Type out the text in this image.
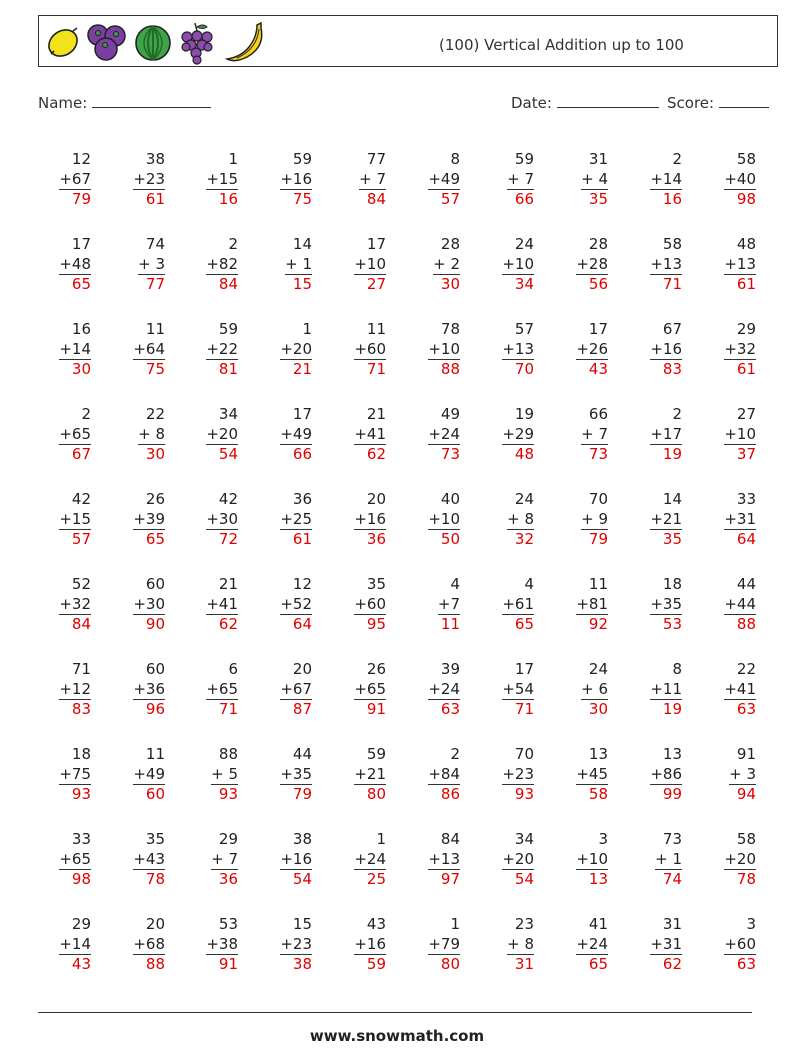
(100) Vertical Addition up to 100
Name:	Date:	Score:
12
+67
79
38
+23
61
1
+15
16
59
+16
75
77
+ 7
84
8
+49
57
59
+ 7
66
31
+ 4
35
2
+14
16
58
+40
98
17
+48
65
74
+ 3
77
2
+82
84
14
+ 1
15
17
+10
27
28
+ 2
30
24
+10
34
28
+28
56
58
+13
71
48
+13
61
16
+14
30
11
+64
75
59
+22
81
1
+20
21
11
+60
71
78
+10
88
57
+13
70
17
+26
43
67
+16
83
29
+32
61
2
+65
67
22
+ 8
30
34
+20
54
17
+49
66
21
+41
62
49
+24
73
19
+29
48
66
+ 7
73
2
+17
19
27
+10
37
42
+15
57
26
+39
65
42
+30
72
36
+25
61
20
+16
36
40
+10
50
24
+ 8
32
70
+ 9
79
14
+21
35
33
+31
64
52
+32
84
60
+30
90
21
+41
62
12
+52
64
35
+60
95
4
+7
11
4
+61
65
11
+81
92
18
+35
53
44
+44
88
71
+12
83
60
+36
96
6
+65
71
20
+67
87
26
+65
91
39
+24
63
17
+54
71
24
+ 6
30
8
+11
19
22
+41
63
18
+75
93
11
+49
60
88
+ 5
93
44
+35
79
59
+21
80
2
+84
86
70
+23
93
13
+45
58
13
+86
99
91
+ 3
94
33
+65
98
35
+43
78
29
+ 7
36
38
+16
54
1
+24
25
84
+13
97
34
+20
54
3
+10
13
73
+ 1
74
58
+20
78
29
+14
43
20
+68
88
53
+38
91
15
+23
38
43
+16
59
1
+79
80
23
+ 8
31
41
+24
65
31
+31
62
3
+60
63
www.snowmath.com
